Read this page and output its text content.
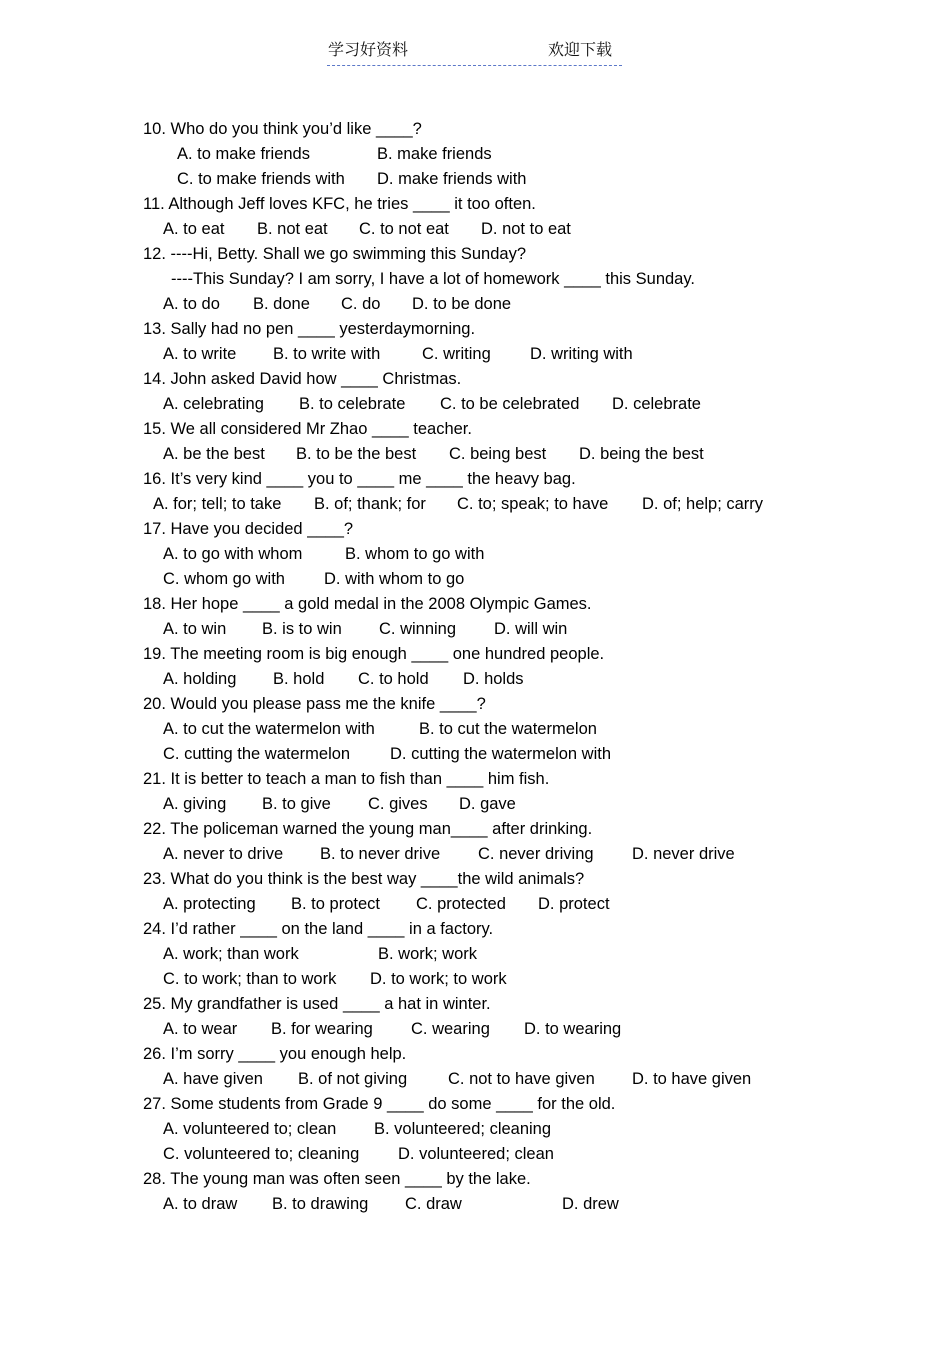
学习好资料	欢迎下载
10. Who do you think you’d like ____?

A. to make friends

	B. make friends

C. to make friends with

D. make friends with

11. Although Jeff loves KFC, he tries ____ it too often.

A. to eat

B. not eat

C. to not eat

D. not to eat

12. ----Hi, Betty. Shall we go swimming this Sunday?
----This Sunday? I am sorry, I have a lot of homework ____ this Sunday.

A. to do

B. done

C. do

D. to be done

13. Sally had no pen ____ yesterdaymorning.

A. to write

B. to write with

	C. writing

D. writing with

14. John asked David how ____ Christmas.

A. celebrating

B. to celebrate

C. to be celebrated

D. celebrate

15. We all considered Mr Zhao ____ teacher.

A. be the best

B. to be the best

C. being best

D. being the best

16. It’s very kind ____ you to ____ me ____ the heavy bag.

A. for; tell; to take

B. of; thank; for

C. to; speak; to have

D. of; help; carry

17. Have you decided ____?

A. to go with whom

	B. whom to go with

C. whom go with

D. with whom to go

18. Her hope ____ a gold medal in the 2008 Olympic Games.

A. to win

B. is to win

C. winning

D. will win

19. The meeting room is big enough ____ one hundred people.

A. holding

B. hold

C. to hold

D. holds

20. Would you please pass me the knife ____?

A. to cut the watermelon with

	B. to cut the watermelon

C. cutting the watermelon

D. cutting the watermelon with

21. It is better to teach a man to fish than ____ him fish.

A. giving

B. to give

C. gives

D. gave

22. The policeman warned the young man____ after drinking.

A. never to drive

B. to never drive

C. never driving

D. never drive

23. What do you think is the best way ____the wild animals?

A. protecting

B. to protect

C. protected

D. protect

24. I’d rather ____ on the land ____ in a factory.

A. work; than work

	B. work; work

C. to work; than to work

D. to work; to work

25. My grandfather is used ____ a hat in winter.

A. to wear

B. for wearing

C. wearing

D. to wearing

26. I’m sorry ____ you enough help.

A. have given

B. of not giving

C. not to have given

D. to have given

27. Some students from Grade 9 ____ do some ____ for the old.

A. volunteered to; clean

B. volunteered; cleaning

C. volunteered to; cleaning

D. volunteered; clean

28. The young man was often seen ____ by the lake.

A. to draw

B. to drawing

C. draw

	D. drew
